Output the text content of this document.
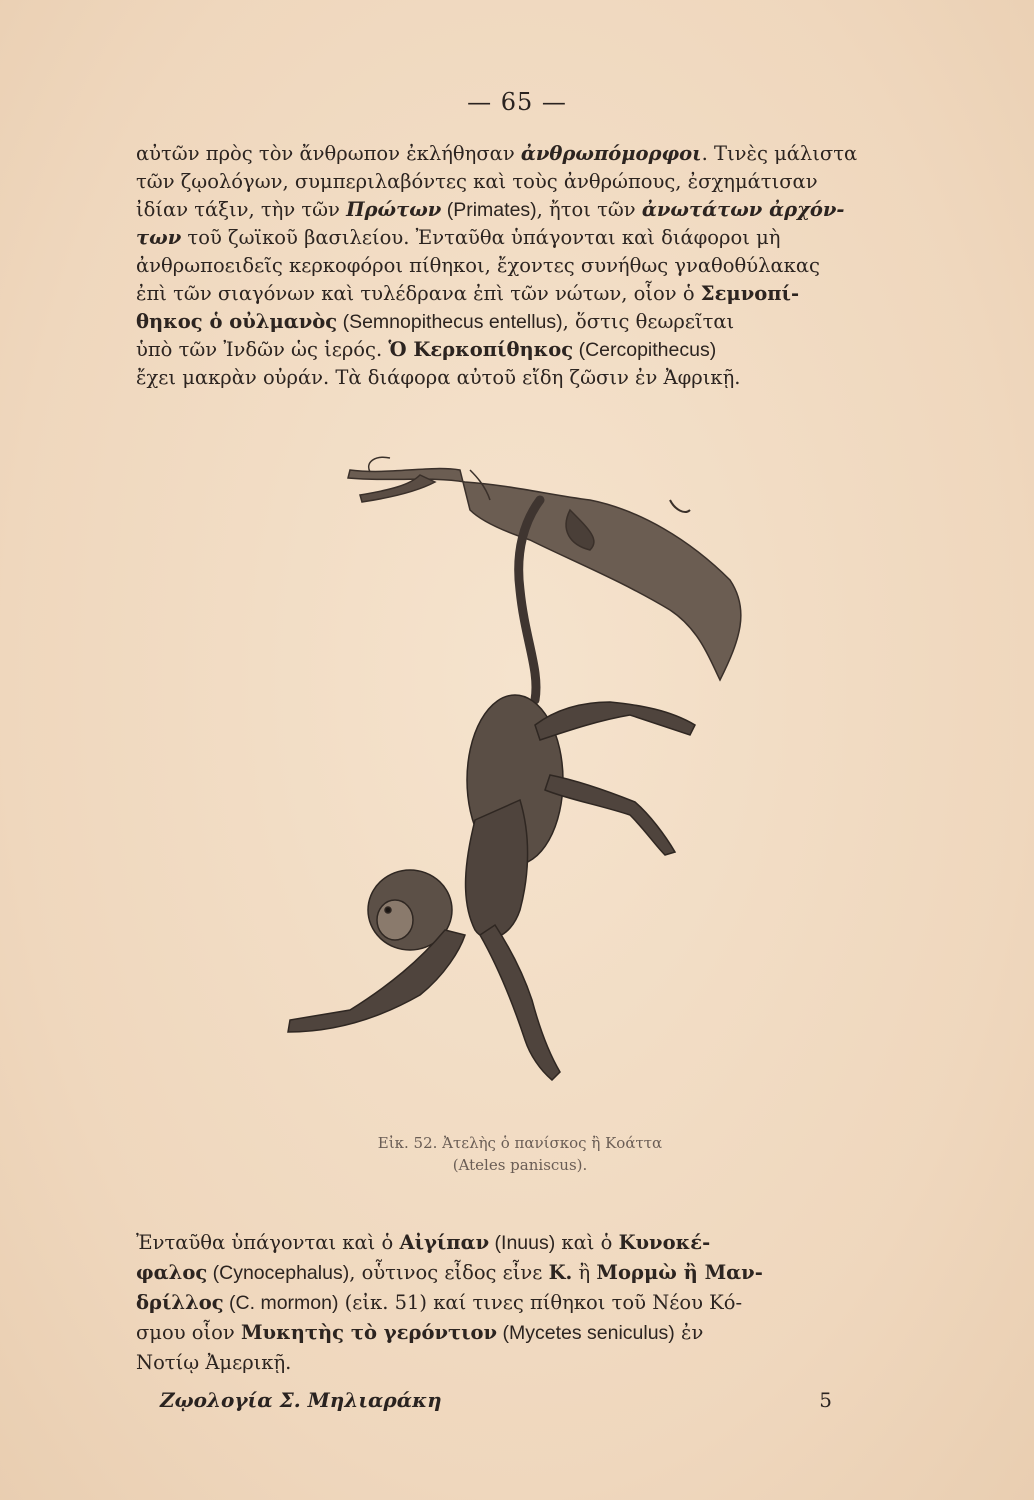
— 65 —
αὐτῶν πρὸς τὸν ἄνθρωπον ἐκλήθησαν ἀνθρωπόμορφοι. Τινὲς μάλιστα
τῶν ζῳολόγων, συμπεριλαβόντες καὶ τοὺς ἀνθρώπους, ἐσχημάτισαν
ἰδίαν τάξιν, τὴν τῶν Πρώτων (Primates), ἤτοι τῶν ἀνωτάτων ἀρχόν-
των τοῦ ζωϊκοῦ βασιλείου. Ἐνταῦθα ὑπάγονται καὶ διάφοροι μὴ
ἀνθρωποειδεῖς κερκοφόροι πίθηκοι, ἔχοντες συνήθως γναθοθύλακας
ἐπὶ τῶν σιαγόνων καὶ τυλέδρανα ἐπὶ τῶν νώτων, οἷον ὁ Σεμνοπί-
θηκος ὁ οὐλμανὸς (Semnopithecus entellus), ὅστις θεωρεῖται
ὑπὸ τῶν Ἰνδῶν ὡς ἱερός. Ὁ Κερκοπίθηκος (Cercopithecus)
ἔχει μακρὰν οὐράν. Τὰ διάφορα αὐτοῦ εἴδη ζῶσιν ἐν Ἀφρικῇ.
Εἰκ. 52. Ἀτελὴς ὁ πανίσκος ἢ Κοάττα
(Ateles paniscus).
Ἐνταῦθα ὑπάγονται καὶ ὁ Αἰγίπαν (Inuus) καὶ ὁ Κυνοκέ-
φαλος (Cynocephalus), οὗτινος εἶδος εἶνε Κ. ἢ Μορμὼ ἢ Μαν-
δρίλλος (C. mormon) (εἰκ. 51) καί τινες πίθηκοι τοῦ Νέου Κό-
σμου οἷον Μυκητὴς τὸ γερόντιον (Mycetes seniculus) ἐν
Νοτίῳ Ἀμερικῇ.
Ζῳολογία Σ. Μηλιαράκη	5
